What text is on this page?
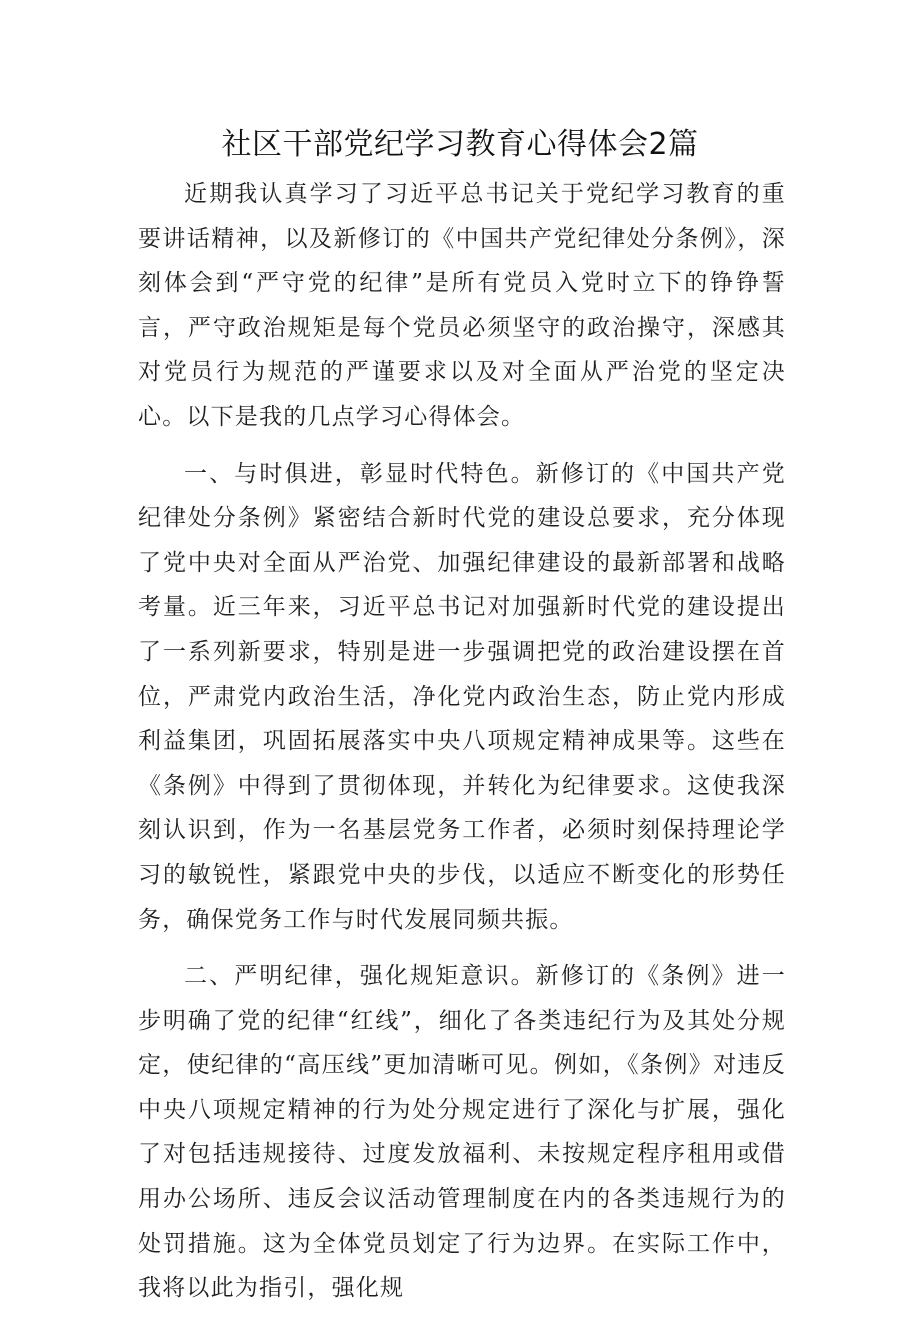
社区干部党纪学习教育心得体会2篇

近期我认真学习了习近平总书记关于党纪学习教育的重要讲话精神，以及新修订的《中国共产党纪律处分条例》，深刻体会到“严守党的纪律”是所有党员入党时立下的铮铮誓言，严守政治规矩是每个党员必须坚守的政治操守，深感其对党员行为规范的严谨要求以及对全面从严治党的坚定决心。以下是我的几点学习心得体会。

一、与时俱进，彰显时代特色。新修订的《中国共产党纪律处分条例》紧密结合新时代党的建设总要求，充分体现了党中央对全面从严治党、加强纪律建设的最新部署和战略考量。近三年来，习近平总书记对加强新时代党的建设提出了一系列新要求，特别是进一步强调把党的政治建设摆在首位，严肃党内政治生活，净化党内政治生态，防止党内形成利益集团，巩固拓展落实中央八项规定精神成果等。这些在《条例》中得到了贯彻体现，并转化为纪律要求。这使我深刻认识到，作为一名基层党务工作者，必须时刻保持理论学习的敏锐性，紧跟党中央的步伐，以适应不断变化的形势任务，确保党务工作与时代发展同频共振。

二、严明纪律，强化规矩意识。新修订的《条例》进一步明确了党的纪律“红线”，细化了各类违纪行为及其处分规定，使纪律的“高压线”更加清晰可见。例如，《条例》对违反中央八项规定精神的行为处分规定进行了深化与扩展，强化了对包括违规接待、过度发放福利、未按规定程序租用或借用办公场所、违反会议活动管理制度在内的各类违规行为的处罚措施。这为全体党员划定了行为边界。在实际工作中，我将以此为指引，强化规
